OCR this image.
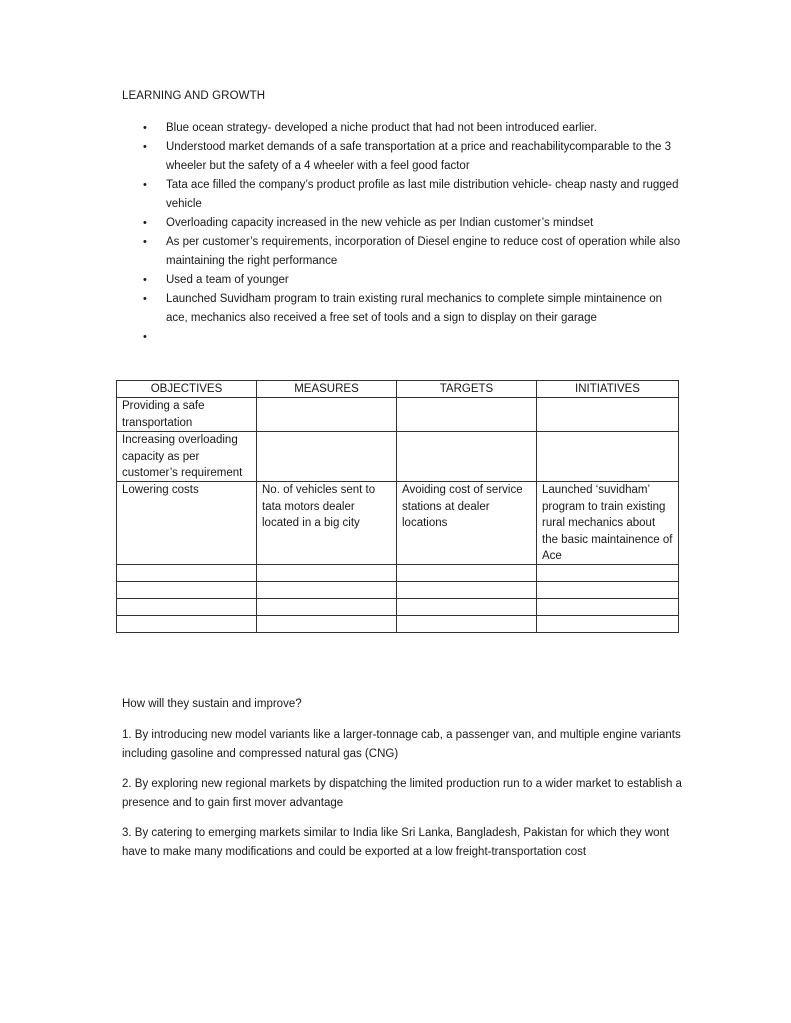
LEARNING AND GROWTH
• Blue ocean strategy- developed a niche product that had not been introduced earlier.
• Understood market demands of a safe transportation at a price and reachabilitycomparable to the 3 wheeler but the safety of a 4 wheeler with a feel good factor
• Tata ace filled the company’s product profile as last mile distribution vehicle- cheap nasty and rugged vehicle
• Overloading capacity increased in the new vehicle as per Indian customer’s mindset
• As per customer’s requirements, incorporation of Diesel engine to reduce cost of operation while also maintaining the right performance
• Used a team of younger
• Launched Suvidham program to train existing rural mechanics to complete simple mintainence on ace, mechanics also received a free set of tools and a sign to display on their garage
•

OBJECTIVES	MEASURES	TARGETS	INITIATIVES
Providing a safe transportation			
Increasing overloading capacity as per customer’s requirement			
Lowering costs	No. of vehicles sent to tata motors dealer located in a big city	Avoiding cost of service stations at dealer locations	Launched ‘suvidham’ program to train existing rural mechanics about the basic maintainence of Ace

How will they sustain and improve?

1. By introducing new model variants like a larger-tonnage cab, a passenger van, and multiple engine variants including gasoline and compressed natural gas (CNG)

2. By exploring new regional markets by dispatching the limited production run to a wider market to establish a presence and to gain first mover advantage

3. By catering to emerging markets similar to India like Sri Lanka, Bangladesh, Pakistan for which they wont have to make many modifications and could be exported at a low freight-transportation cost
